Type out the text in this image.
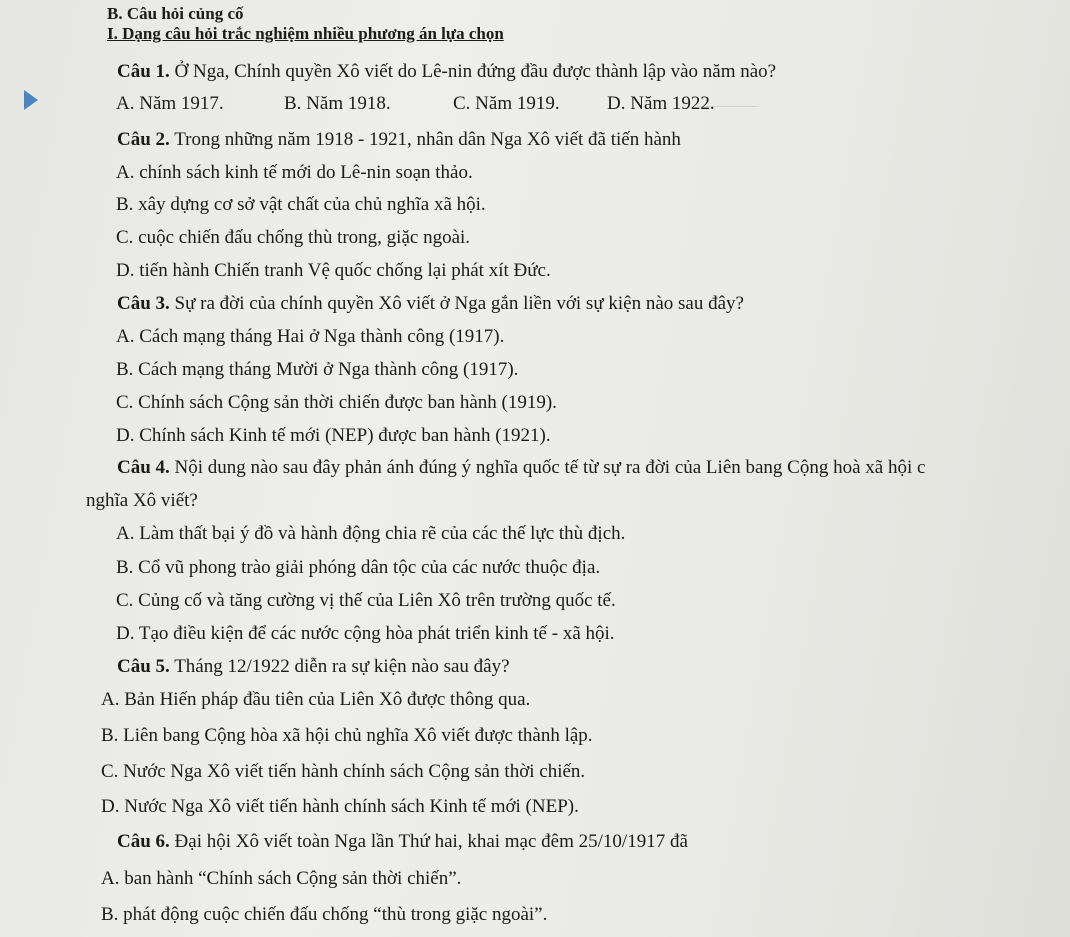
̶ ̶ ̶ ̶ ̶ ̶ ̶ ̶ ̶ ̶ ̶ ̶ ̶ ̶ ̶ ̶ ̶
B. Câu hỏi củng cố
I. Dạng câu hỏi trắc nghiệm nhiều phương án lựa chọn
Câu 1. Ở Nga, Chính quyền Xô viết do Lê-nin đứng đầu được thành lập vào năm nào?
A. Năm 1917.	B. Năm 1918.	C. Năm 1919. D. Năm 1922.
Câu 2. Trong những năm 1918 - 1921, nhân dân Nga Xô viết đã tiến hành
A. chính sách kinh tế mới do Lê-nin soạn thảo.
B. xây dựng cơ sở vật chất của chủ nghĩa xã hội.
C. cuộc chiến đấu chống thù trong, giặc ngoài.
D. tiến hành Chiến tranh Vệ quốc chống lại phát xít Đức.
Câu 3. Sự ra đời của chính quyền Xô viết ở Nga gắn liền với sự kiện nào sau đây?
A. Cách mạng tháng Hai ở Nga thành công (1917).
B. Cách mạng tháng Mười ở Nga thành công (1917).
C. Chính sách Cộng sản thời chiến được ban hành (1919).
D. Chính sách Kinh tế mới (NEP) được ban hành (1921).
Câu 4. Nội dung nào sau đây phản ánh đúng ý nghĩa quốc tế từ sự ra đời của Liên bang Cộng hoà xã hội c
nghĩa Xô viết?
A. Làm thất bại ý đồ và hành động chia rẽ của các thế lực thù địch.
B. Cổ vũ phong trào giải phóng dân tộc của các nước thuộc địa.
C. Củng cố và tăng cường vị thế của Liên Xô trên trường quốc tế.
D. Tạo điều kiện để các nước cộng hòa phát triển kinh tế - xã hội.
Câu 5. Tháng 12/1922 diễn ra sự kiện nào sau đây?
A. Bản Hiến pháp đầu tiên của Liên Xô được thông qua.
B. Liên bang Cộng hòa xã hội chủ nghĩa Xô viết được thành lập.
C. Nước Nga Xô viết tiến hành chính sách Cộng sản thời chiến.
D. Nước Nga Xô viết tiến hành chính sách Kinh tế mới (NEP).
Câu 6. Đại hội Xô viết toàn Nga lần Thứ hai, khai mạc đêm 25/10/1917 đã
A. ban hành “Chính sách Cộng sản thời chiến”.
B. phát động cuộc chiến đấu chống “thù trong giặc ngoài”.
